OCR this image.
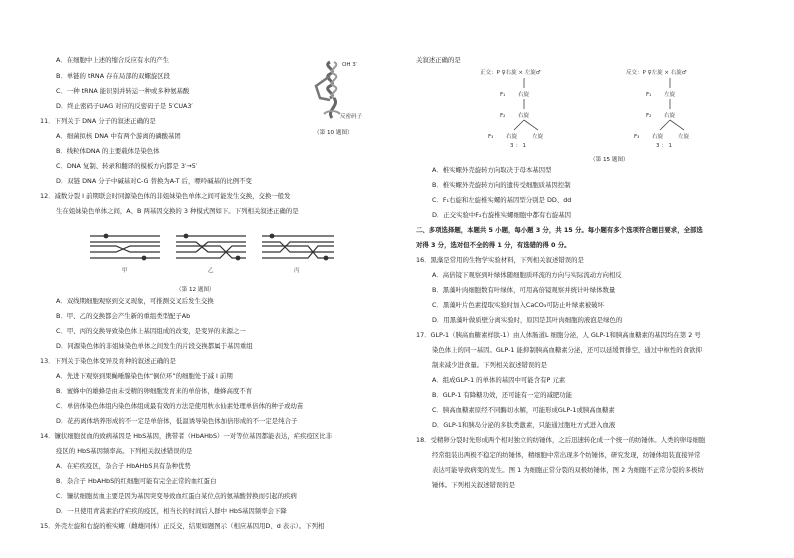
A．在细胞中上述的缩合反应有水的产生
B．单链的 tRNA 存在局部的双螺旋区段
C．一种 tRNA 能识别并转运一种或多种氨基酸
D．终止密码子UAG 对应的反密码子是 5′CUA3′
11．下列关于 DNA 分子的叙述正确的是
A．细菌拟核 DNA 中有两个游离的磷酸基团
B．线粒体DNA 的主要载体是染色体
C．DNA 复制、转录和翻译的模板方向都是 3′→5′
D．双链 DNA 分子中碱基对C-G 替换为A-T 后，嘌呤碱基的比例不变
12．减数分裂 I 前期联会时同源染色体的非姐妹染色单体之间可能发生交换，交换一般发
生在姐妹染色单体之间，A、B 两基因交换的 3 种模式图如下。下列相关叙述正确的是
甲	乙	丙
（第 12 题图）
A．双线期细胞观察到交叉现象，可推测交叉后发生交换
B．甲、乙的交换都会产生新的重组类型配子Ab
C．甲、丙的交换导致染色体上基因组成的改变，是变异的来源之一
D．同源染色体的非姐妹染色单体之间发生的片段交换都属于基因重组
13．下列关于染色体变异及育种的叙述正确的是
A．先进下观察到果蝇唾腺染色体“倒位环”的细胞处于减 I 前期
B．蜜蜂中的雄蜂是由未受精的卵细胞发育来的单倍体，雄蜂高度不育
C．单倍体染色体组内染色体组成最有效的方法是使用秋水仙素处理单倍体的种子或幼苗
D．花药离体培养形成的不一定是单倍体，低温诱导染色体加倍形成的不一定是纯合子
14．镰状细胞贫血的致病基因是 HbS基因，携带者（HbAHbS）一对等位基因都能表达，疟疾疫区比非
疫区的 HbS基因频率高。下列相关叙述错误的是
A．在疟疾疫区，杂合子 HbAHbS具有杂种优势
B．杂合子 HbAHbS的红细胞可能有完全正常的血红蛋白
C．镰状细胞贫血主要是因为基因突变导致血红蛋白某位点的氨基酸替换而引起的疾病
D．一旦使用青蒿素治疗疟疾的疫区，相当长的时间后人群中 HbS基因频率会下降
15．外壳左旋和右旋的椎实螺（雌雄同体）正反交，结果如题图示（相应基因用D、d 表示）。下列相
OH 3′
反密码子
（第 10 题图）
关叙述正确的是
正交：P ♀右旋 × 左旋♂
F₁ 右旋
F₂ 右旋
F₃ 右旋	左旋
3 ： 1
反交：P ♀左旋 × 右旋♂
F₁ 左旋
F₂ 右旋
F₃ 右旋	左旋
3 ： 1
（第 15 题图）
A．椎实螺外壳旋转方向取决于母本基因型
B．椎实螺外壳旋转方向的遗传受细胞质基因控制
C．F₁右旋和左旋椎实螺的基因型分别是 DD、dd
D．正交实验中F₂右旋椎实螺细胞中都有右旋基因
二、多项选择题，本题共 5 小题，每小题 3 分，共 15 分。每小题有多个选项符合题目要求，全部选
对得 3 分，选对但不全的得 1 分，有选错的得 0 分。
16．黑藻是常用的生物学实验材料，下列相关叙述错误的是
A．高倍镜下观察到叶绿体随细胞质环流的方向与实际流动方向相反
B．黑藻叶肉细胞数有叶绿体，可用高倍镜观察并统计叶绿体数量
C．黑藻叶片色素提取实验时加入CaCO₃可防止叶绿素被破坏
D．用黑藻叶做质壁分离实验时，原因是其叶肉细胞的液泡是绿色的
17．GLP-1（胰高血糖素样肽-1）由人体肠道L 细胞分泌，人 GLP-1和胰高血糖素的基因均在第 2 号
染色体上的同一基因。GLP-1 能抑制胰高血糖素分泌，还可以延缓胃排空，通过中枢性的食欲抑
制来减少进食量。下列相关叙述错误的是
A．组成GLP-1 的单体的基因中可能含有P 元素
B．GLP-1 有降糖功效，还可能有一定的减肥功能
C．胰高血糖素原经不同酶切水解，可能形成GLP-1或胰高血糖素
D．GLP-1和胰岛分泌的多肽类激素，只能通过胞吐方式进入血液
18．受精卵分裂时先形成两个相对独立的纺锤体，之后迅速转化成一个统一的纺锤体。人类的卵母细胞
经常组装出两极不稳定的纺锤体，精细胞中常出现多个纺锤体，研究发现，纺锤体组装直接异常
表达可能导致病变的发生。图 1 为细胞正常分裂的双极纺锤体，图 2 为细胞不正常分裂的多极纺
锤体。下列相关叙述错误的是
